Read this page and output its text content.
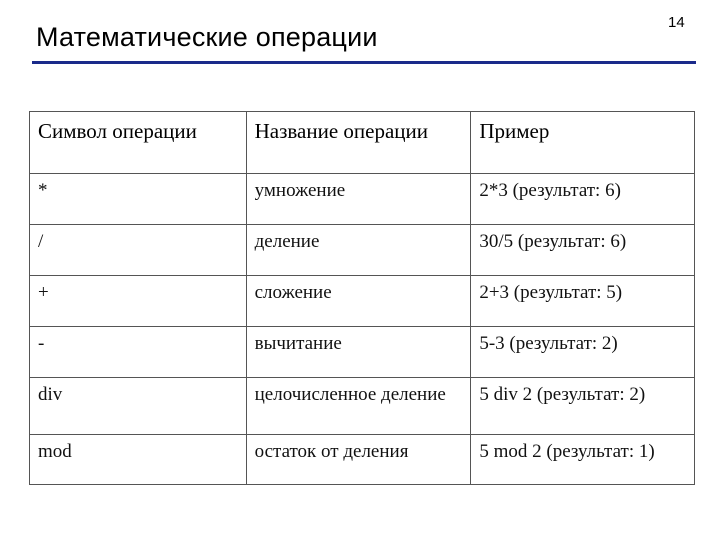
Математические операции	14
Символ операции	Название операции	Пример
*	умножение	2*3 (результат: 6)
/	деление	30/5 (результат: 6)
+	сложение	2+3 (результат: 5)
-	вычитание	5-3 (результат: 2)
div	целочисленное деление	5 div 2 (результат: 2)
mod	остаток от деления	5 mod 2 (результат: 1)
